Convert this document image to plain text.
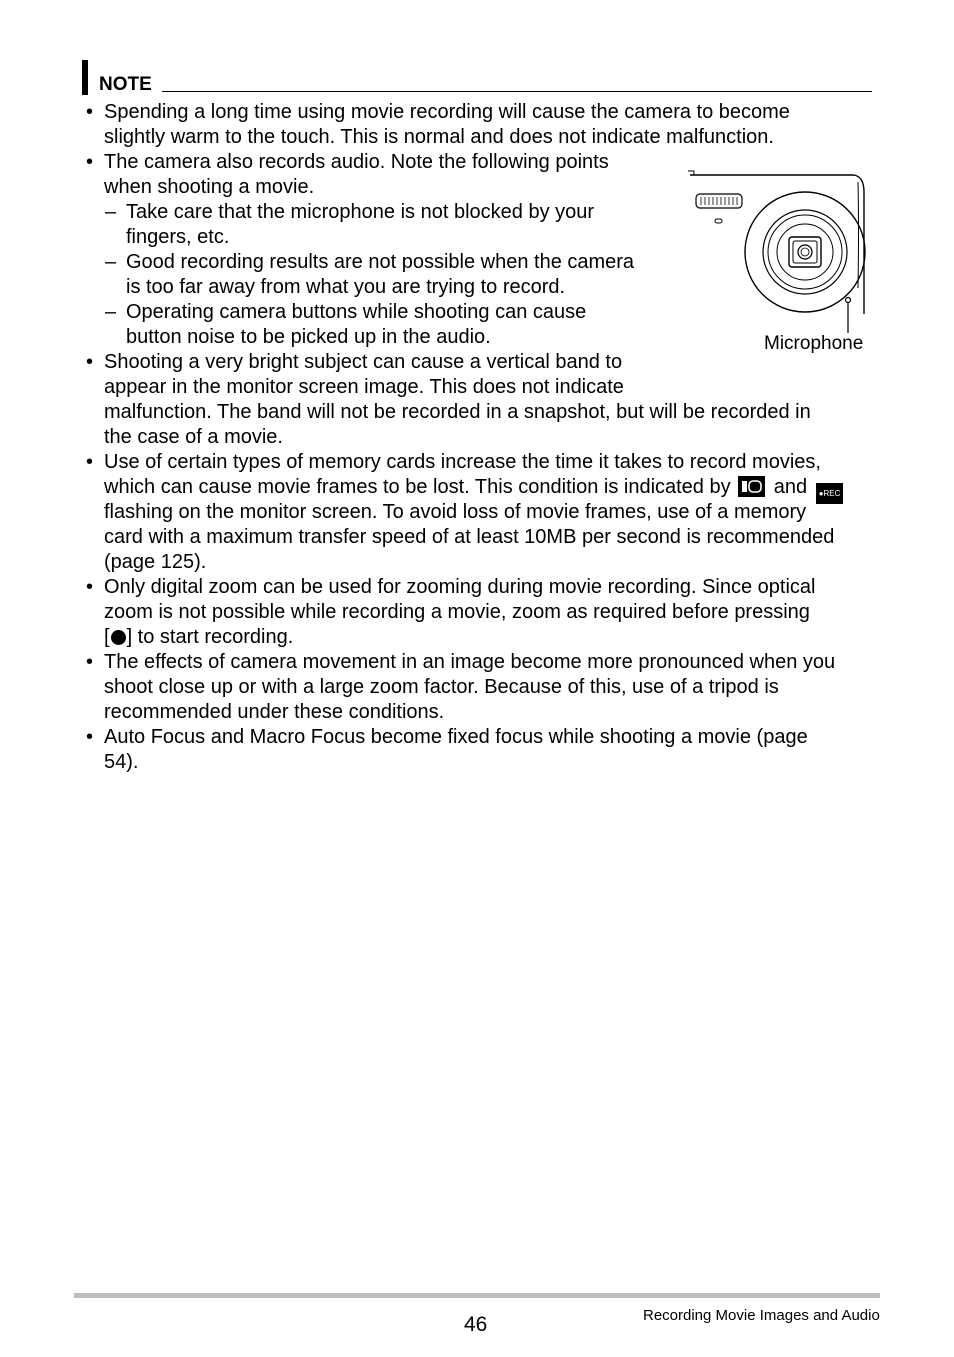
NOTE
• Spending a long time using movie recording will cause the camera to become
slightly warm to the touch. This is normal and does not indicate malfunction.
• The camera also records audio. Note the following points
when shooting a movie.
– Take care that the microphone is not blocked by your
fingers, etc.
– Good recording results are not possible when the camera
is too far away from what you are trying to record.
– Operating camera buttons while shooting can cause
button noise to be picked up in the audio.	Microphone
• Shooting a very bright subject can cause a vertical band to
appear in the monitor screen image. This does not indicate
malfunction. The band will not be recorded in a snapshot, but will be recorded in
the case of a movie.
• Use of certain types of memory cards increase the time it takes to record movies,
which can cause movie frames to be lost. This condition is indicated by and ●REC
flashing on the monitor screen. To avoid loss of movie frames, use of a memory
card with a maximum transfer speed of at least 10MB per second is recommended
(page 125).
• Only digital zoom can be used for zooming during movie recording. Since optical
zoom is not possible while recording a movie, zoom as required before pressing
[ ] to start recording.
• The effects of camera movement in an image become more pronounced when you
shoot close up or with a large zoom factor. Because of this, use of a tripod is
recommended under these conditions.
• Auto Focus and Macro Focus become fixed focus while shooting a movie (page
54).
46	Recording Movie Images and Audio
